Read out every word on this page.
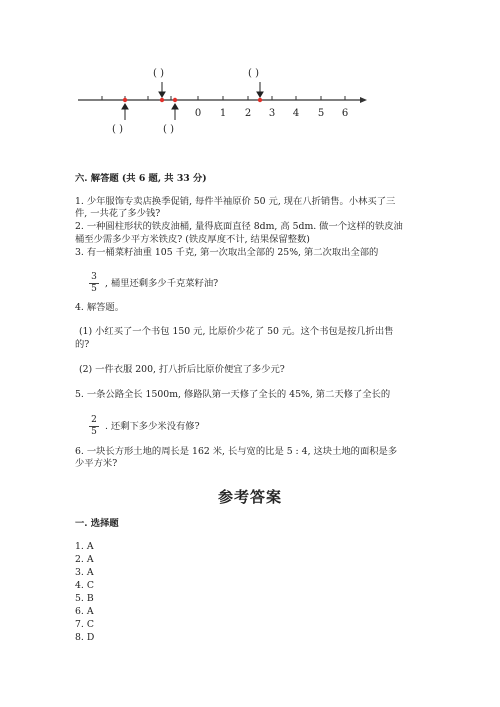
0 1 2 3 4 5 6
( )	( )
( )	( )
六. 解答题 (共 6 题, 共 33 分)
1. 少年服饰专卖店换季促销, 每件半袖原价 50 元, 现在八折销售。小林买了三
件, 一共花了多少钱?
2. 一种圆柱形状的铁皮油桶, 量得底面直径 8dm, 高 5dm. 做一个这样的铁皮油
桶至少需多少平方米铁皮? (铁皮厚度不计, 结果保留整数)
3. 有一桶菜籽油重 105 千克, 第一次取出全部的 25%, 第二次取出全部的
3
5 , 桶里还剩多少千克菜籽油?
4. 解答题。
(1) 小红买了一个书包 150 元, 比原价少花了 50 元。这个书包是按几折出售
的?
(2) 一件衣服 200, 打八折后比原价便宜了多少元?
5. 一条公路全长 1500m, 修路队第一天修了全长的 45%, 第二天修了全长的
2
5 . 还剩下多少米没有修?
6. 一块长方形土地的周长是 162 米, 长与宽的比是 5 : 4, 这块土地的面积是多
少平方米?
参考答案
一. 选择题
1. A
2. A
3. A
4. C
5. B
6. A
7. C
8. D
